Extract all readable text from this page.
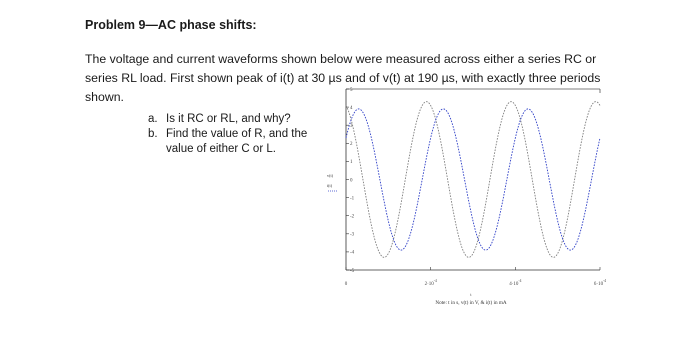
Problem 9—AC phase shifts:
The voltage and current waveforms shown below were measured across either a series RC or
series RL load. First shown peak of i(t) at 30 µs and of v(t) at 190 µs, with exactly three periods
shown.
a. Is it RC or RL, and why?
b. Find the value of R, and the
value of either C or L.
5
4
3
2
1
0
-1
-2
-3
-4
-5
0	$2\cdot 10^{-4}$
$4\cdot 10^{-4}$
$6\cdot 10^{-4}$
v(t)
i(t)
t
Note: t in s, v(t) in V, & i(t) in mA
